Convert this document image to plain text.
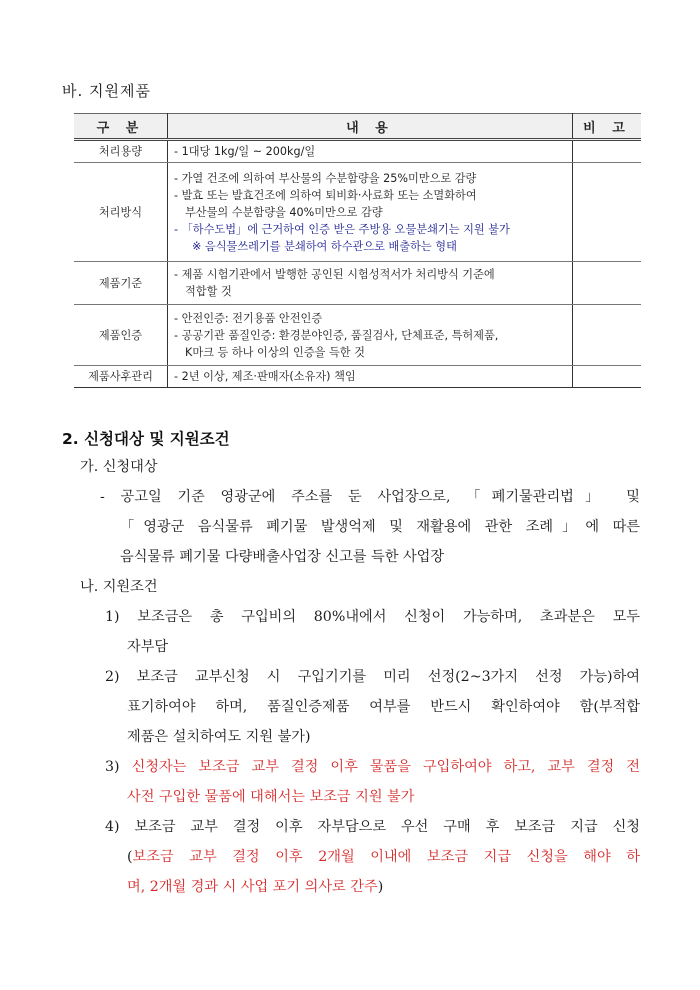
바. 지원제품
구 분	내 용	비 고
처리용량	- 1대당 1kg/일 ~ 200kg/일	

처리방식	- 가열 건조에 의하여 부산물의 수분함량을 25%미만으로 감량
- 발효 또는 발효건조에 의하여 퇴비화·사료화 또는 소멸화하여
부산물의 수분함량을 40%미만으로 감량
- 「하수도법」에 근거하여 인증 받은 주방용 오물분쇄기는 지원 불가
※ 음식물쓰레기를 분쇄하여 하수관으로 배출하는 형태	

제품기준	- 제품 시험기관에서 발행한 공인된 시험성적서가 처리방식 기준에
적합할 것	

제품인증	- 안전인증: 전기용품 안전인증
- 공공기관 품질인증: 환경분야인증, 품질검사, 단체표준, 특허제품,
K마크 등 하나 이상의 인증을 득한 것	

제품사후관리	- 2년 이상, 제조·판매자(소유자) 책임	

2. 신청대상 및 지원조건
가. 신청대상
- 공고일 기준 영광군에 주소를 둔 사업장으로, 「폐기물관리법」 및
「영광군 음식물류 폐기물 발생억제 및 재활용에 관한 조례」에 따른
음식물류 폐기물 다량배출사업장 신고를 득한 사업장
나. 지원조건
1) 보조금은 총 구입비의 80%내에서 신청이 가능하며, 초과분은 모두
자부담
2) 보조금 교부신청 시 구입기기를 미리 선정(2~3가지 선정 가능)하여
표기하여야 하며, 품질인증제품 여부를 반드시 확인하여야 함(부적합
제품은 설치하여도 지원 불가)
3) 신청자는 보조금 교부 결정 이후 물품을 구입하여야 하고, 교부 결정 전
사전 구입한 물품에 대해서는 보조금 지원 불가
4) 보조금 교부 결정 이후 자부담으로 우선 구매 후 보조금 지급 신청
(보조금 교부 결정 이후 2개월 이내에 보조금 지급 신청을 해야 하
며, 2개월 경과 시 사업 포기 의사로 간주)
